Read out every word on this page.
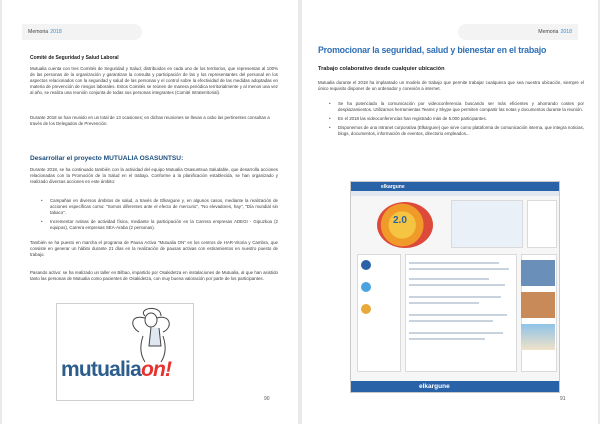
Memoria 2018
Comité de Seguridad y Salud Laboral
Mutualia cuenta con tres Comités de Seguridad y Salud, distribuidos en cada uno de los territorios, que representan al 100% de las personas de la organización y garantizan la consulta y participación de las y los representantes del personal en los aspectos relacionados con la seguridad y salud de las personas y el control sobre la efectividad de las medidas adoptadas en materia de prevención de riesgos laborales. Estos Comités se reúnen de manera periódica territorialmente y al menos una vez al año, se realiza una reunión conjunta de todas sus personas integrantes (Comité Intraterritorial).
Durante 2018 se han reunido en un total de 13 ocasiones; en dichas reuniones se llevan a cabo las pertinentes consultas a través de los Delegados de Prevención.
Desarrollar el proyecto MUTUALIA OSASUNTSU:
Durante 2018, se ha continuado también con la actividad del equipo Mutualia Osasuntsua Saludable, que desarrolla acciones relacionadas con la Promoción de la Salud en el trabajo. Conforme a la planificación establecida, se han organizado y realizado diversas acciones en este ámbito:
• Campañas en diversos ámbitos de salud, a través de Elkargune y, en algunos casos, mediante la realización de acciones específicas como: "Somos diferentes ante el efecto de mercurio", "No elevadores, hay", "Día mundial sin tabaco".
• Incrementar rutinas de actividad física, mediante la participación en la Carrera empresas ADEGI - Gipuzkoa (2 equipos), Carrera empresas SEA-Araba (2 personas).
También se ha puesto en marcha el programa de Pausa Activa "Mutualia ON" en los centros de HAR-Vitoria y Cambra, que consiste en generar un hábito durante 21 días en la realización de pausas activas con estiramientos en nuestro puesto de trabajo.
Pasando activo: se ha realizado un taller en Bilbao, impartido por Osakidetza en instalaciones de Mutualia, al que han asistido tanto las personas de Mutualia como pacientes de Osakidetza, con muy buena valoración por parte de los participantes.
mutualiaon!
90
Memoria 2018
Promocionar la seguridad, salud y bienestar en el trabajo
Trabajo colaborativo desde cualquier ubicación
Mutualia durante el 2018 ha implantado un modelo de trabajo que permite trabajar cualquiera que sea nuestra ubicación, siempre el único requisito disponer de un ordenador y conexión a internet.
• Se ha potenciado la comunicación por videoconferencia buscando ser más eficientes y ahorrando costes por desplazamientos. Utilizamos herramientas Teams y Skype que permiten compartir las notas y documentos durante la reunión.
• En el 2018 las videoconferencias han registrado más de 5.000 participantes.
• Disponemos de una Intranet corporativa (Elkargune) que sirve como plataforma de comunicación interna, que integra noticias, blogs, documentos, información de eventos, directorio empleados...
elkargune
2.0
elkargune
91
